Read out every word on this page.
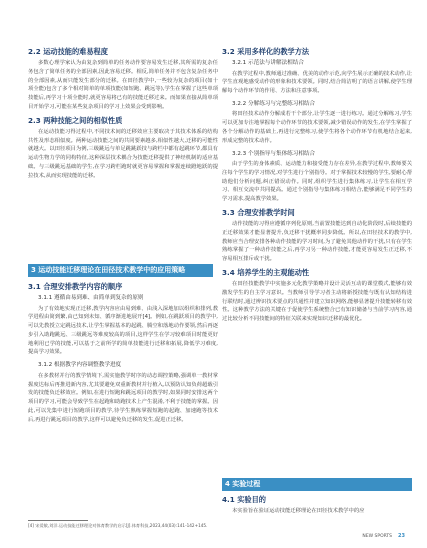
2.2 运动技能的难易程度

多数心理学家认为由复杂到简单的任务动作要容易发生迁移,其所需的复杂任务包含了简单任务的全部因素,因此容易迁移。相反,简单任务并不包含复杂任务中的全部因素,从而只能发生部分的迁移。在田径教学中,一些较为复杂的项目(如十项全能)包含了多个相对简单的单项技能(如短跑、跳远等),学生在掌握了这些单项技能后,再学习十项全能时,就更容易将已有的技能迁移过来。而如果直接从简单项目开始学习,可能在某些复杂项目的学习上效果会受到影响。

2.3 两种技能之间的相似性质

在运动技能习得过程中,不同技术间的迁移效应主要取决于其技术体系的结构共性及形态相似度。两种运动技能之间的共同要素越多,相似性越大,迁移的可能性就越大。以田径项目为例,三级跳远与单足跳跳跃技与跨栏中都有起跳环节,都具有运动生物力学的同构特征,这种深层技术耦合为技能迁移提供了神经机制的适应基础。与三级跳远基础的学生,在学习跨栏跑时就更容易掌握和掌握连续蹬地跃的提拉技术,从而实现技能的迁移。

3 运动技能迁移理论在田径技术教学中的应用策略
3.1 合理安排教学内容的顺序
3.1.1 遵循由易到难、由简单到复杂的原则

为了有效地实现正迁移,教学内容应由易到难、由浅入深地加以组织和排列,教学进程由简到繁,由已知到未知、循序渐进地展开[4]。例如,在跳跃项目的教学中,可以先教授立定跳远技术,让学生掌握基本的起跳、腾空和落地动作要领,然后再逐步引入助跑跳远、三级跳远等难度较高的项目,这样学生在学习较难项目时能更好地利用已学的技能,可以基于之前所学的简单技能进行迁移和拓展,降低学习难度,提高学习效果。

3.1.2 根据教学内容调整教学进度

在多教材并行的教学情境下,需实施教学时序的动态调控策略,强调单一教材掌握度达标后再推进新内容,尤其要避免双重新教材并行植入,以预防认知负荷超载引发的技能负迁移效应。例如,在进行短跑和跳远项目的教学时,如果同时安排这两个项目的学习,可能会导致学生在起跑和助跑技术上产生混淆,不利于技能的掌握。因此,可以先集中进行短跑项目的教学,待学生熟练掌握短跑的起跑、加速跑等技术后,再进行跳远项目的教学,这样可以避免负迁移的发生,促进正迁移。

[4] 宋爱敏,刘洋.运动技能迁移理论对体育教学的启示[J].体育科技,2023,44(03):141-142+145.
3.2 采用多样化的教学方法
3.2.1 示范法与讲解法相结合

在教学过程中,教师通过准确、优美的动作示范,向学生展示正确的技术动作,让学生直观地感受动作的形象和技术要领。同时,结合简洁明了的语言讲解,使学生理解每个动作环节的作用、方法和注意事项。

3.2.2 分解练习与完整练习相结合

将田径技术动作分解成若干个部分,让学生逐一进行练习。通过分解练习,学生可以更加专注地掌握每个动作环节的技术要领,减少错误动作的发生,在学生掌握了各个分解动作的基础上,再进行完整练习,使学生将各个动作环节有机地结合起来,形成完整的技术动作。

3.2.3 个别指导与集体练习相结合

由于学生的身体素质、运动能力和接受能力存在差异,在教学过程中,教师要关注每个学生的学习情况,对学生进行个别指导。对于掌握技术较慢的学生,要耐心帮助他们分析问题,纠正错误动作。同时,组织学生进行集体练习,让学生在相互学习、相互交流中共同提高。通过个别指导与集体练习相结合,能够满足不同学生的学习需求,提高教学效果。

3.3 合理安排教学时间

动作技能的习得应遵循序列化原则,当前置技能达到自动化阶段时,后续技能的正迁移效果才能显著提升,负迁移干扰概率同步降低。所以,在田径技术的教学中,教师应当合理安排各种动作技能的学习时间,为了避免其他动作的干扰,只有在学生熟练掌握了一种动作技能之后,再学习另一种动作技能,才能更容易发生正迁移,不容易相互排斥或干扰。

3.4 培养学生的主观能动性

在田径技能教学中实施多元化教学策略并设计灵活互动的课堂模式,能够有效激发学生的自主学习意识。当教师引导学习者主动将新授技能与既有认知结构进行联结时,通过辨识技术要点的共通性并建立知识网络,能够显著提升技能转移有效性。这种教学方法的关键在于促使学生系统整合已有知识储备与当前学习内容,通过比较分析不同技能间的特征关联来实现知识迁移的最优化。

4 实验过程
4.1 实验目的

本实验旨在验证运动技能迁移理论在田径技术教学中的应

NEW SPORTS 23
